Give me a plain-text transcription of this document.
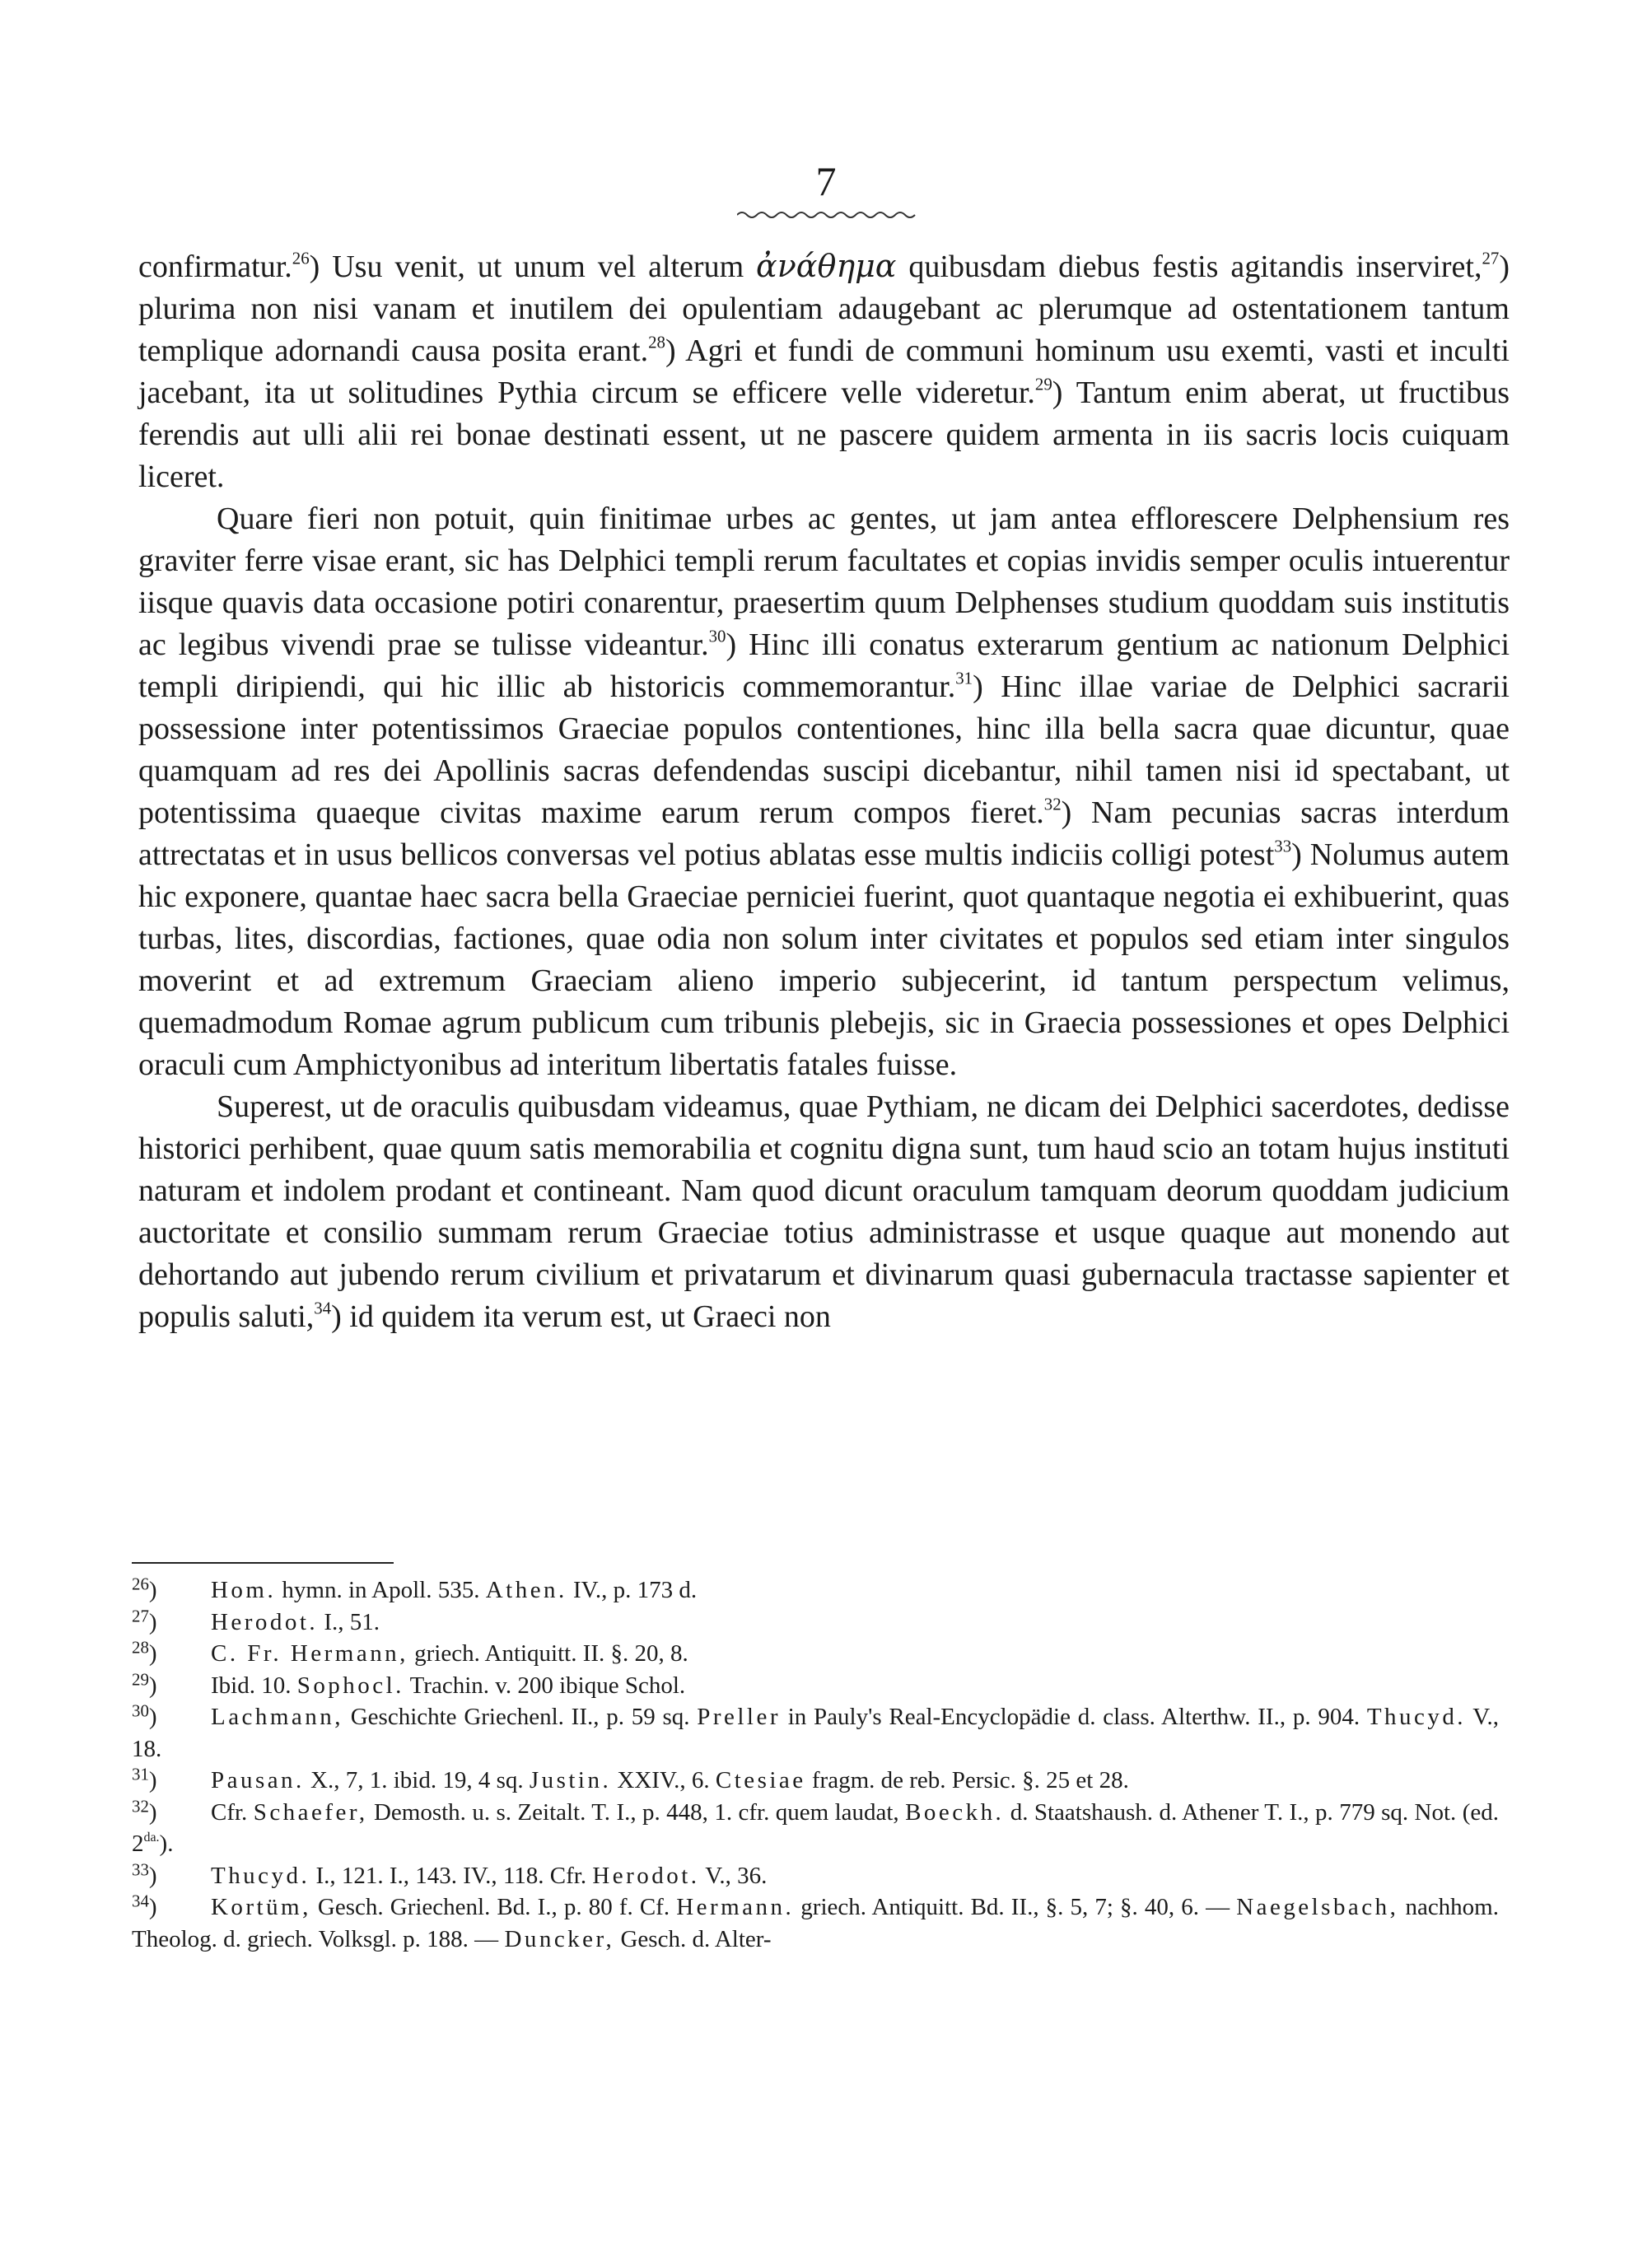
7

confirmatur.$^{26}$) Usu venit, ut unum vel alterum ἀνάθημα quibusdam diebus festis agitandis inserviret,$^{27}$) plurima non nisi vanam et inutilem dei opulentiam adaugebant ac plerumque ad ostentationem tantum templique adornandi causa posita erant.$^{28}$) Agri et fundi de communi hominum usu exemti, vasti et inculti jacebant, ita ut solitudines Pythia circum se efficere velle videretur.$^{29}$) Tantum enim aberat, ut fructibus ferendis aut ulli alii rei bonae destinati essent, ut ne pascere quidem armenta in iis sacris locis cuiquam liceret.

Quare fieri non potuit, quin finitimae urbes ac gentes, ut jam antea efflorescere Delphensium res graviter ferre visae erant, sic has Delphici templi rerum facultates et copias invidis semper oculis intuerentur iisque quavis data occasione potiri conarentur, praesertim quum Delphenses studium quoddam suis institutis ac legibus vivendi prae se tulisse videantur.$^{30}$) Hinc illi conatus exterarum gentium ac nationum Delphici templi diripiendi, qui hic illic ab historicis commemorantur.$^{31}$) Hinc illae variae de Delphici sacrarii possessione inter potentissimos Graeciae populos contentiones, hinc illa bella sacra quae dicuntur, quae quamquam ad res dei Apollinis sacras defendendas suscipi dicebantur, nihil tamen nisi id spectabant, ut potentissima quaeque civitas maxime earum rerum compos fieret.$^{32}$) Nam pecunias sacras interdum attrectatas et in usus bellicos conversas vel potius ablatas esse multis indiciis colligi potest$^{33}$) Nolumus autem hic exponere, quantae haec sacra bella Graeciae perniciei fuerint, quot quantaque negotia ei exhibuerint, quas turbas, lites, discordias, factiones, quae odia non solum inter civitates et populos sed etiam inter singulos moverint et ad extremum Graeciam alieno imperio subjecerint, id tantum perspectum velimus, quemadmodum Romae agrum publicum cum tribunis plebejis, sic in Graecia possessiones et opes Delphici oraculi cum Amphictyonibus ad interitum libertatis fatales fuisse.

Superest, ut de oraculis quibusdam videamus, quae Pythiam, ne dicam dei Delphici sacerdotes, dedisse historici perhibent, quae quum satis memorabilia et cognitu digna sunt, tum haud scio an totam hujus instituti naturam et indolem prodant et contineant. Nam quod dicunt oraculum tamquam deorum quoddam judicium auctoritate et consilio summam rerum Graeciae totius administrasse et usque quaque aut monendo aut dehortando aut jubendo rerum civilium et privatarum et divinarum quasi gubernacula tractasse sapienter et populis saluti,$^{34}$) id quidem ita verum est, ut Graeci non

$^{26}$) Hom. hymn. in Apoll. 535. Athen. IV., p. 173 d.

$^{27}$) Herodot. I., 51.

$^{28}$) C. Fr. Hermann, griech. Antiquitt. II. §. 20, 8.

$^{29}$) Ibid. 10. Sophocl. Trachin. v. 200 ibique Schol.

$^{30}$) Lachmann, Geschichte Griechenl. II., p. 59 sq. Preller in Pauly's Real-Encyclopädie d. class. Alterthw. II., p. 904. Thucyd. V., 18.

$^{31}$) Pausan. X., 7, 1. ibid. 19, 4 sq. Justin. XXIV., 6. Ctesiae fragm. de reb. Persic. §. 25 et 28.

$^{32}$) Cfr. Schaefer, Demosth. u. s. Zeitalt. T. I., p. 448, 1. cfr. quem laudat, Boeckh. d. Staatshaush. d. Athener T. I., p. 779 sq. Not. (ed. $2^{da.}$).

$^{33}$) Thucyd. I., 121. I., 143. IV., 118. Cfr. Herodot. V., 36.

$^{34}$) Kortüm, Gesch. Griechenl. Bd. I., p. 80 f. Cf. Hermann. griech. Antiquitt. Bd. II., §. 5, 7; §. 40, 6. — Naegelsbach, nachhom. Theolog. d. griech. Volksgl. p. 188. — Duncker, Gesch. d. Alter-
